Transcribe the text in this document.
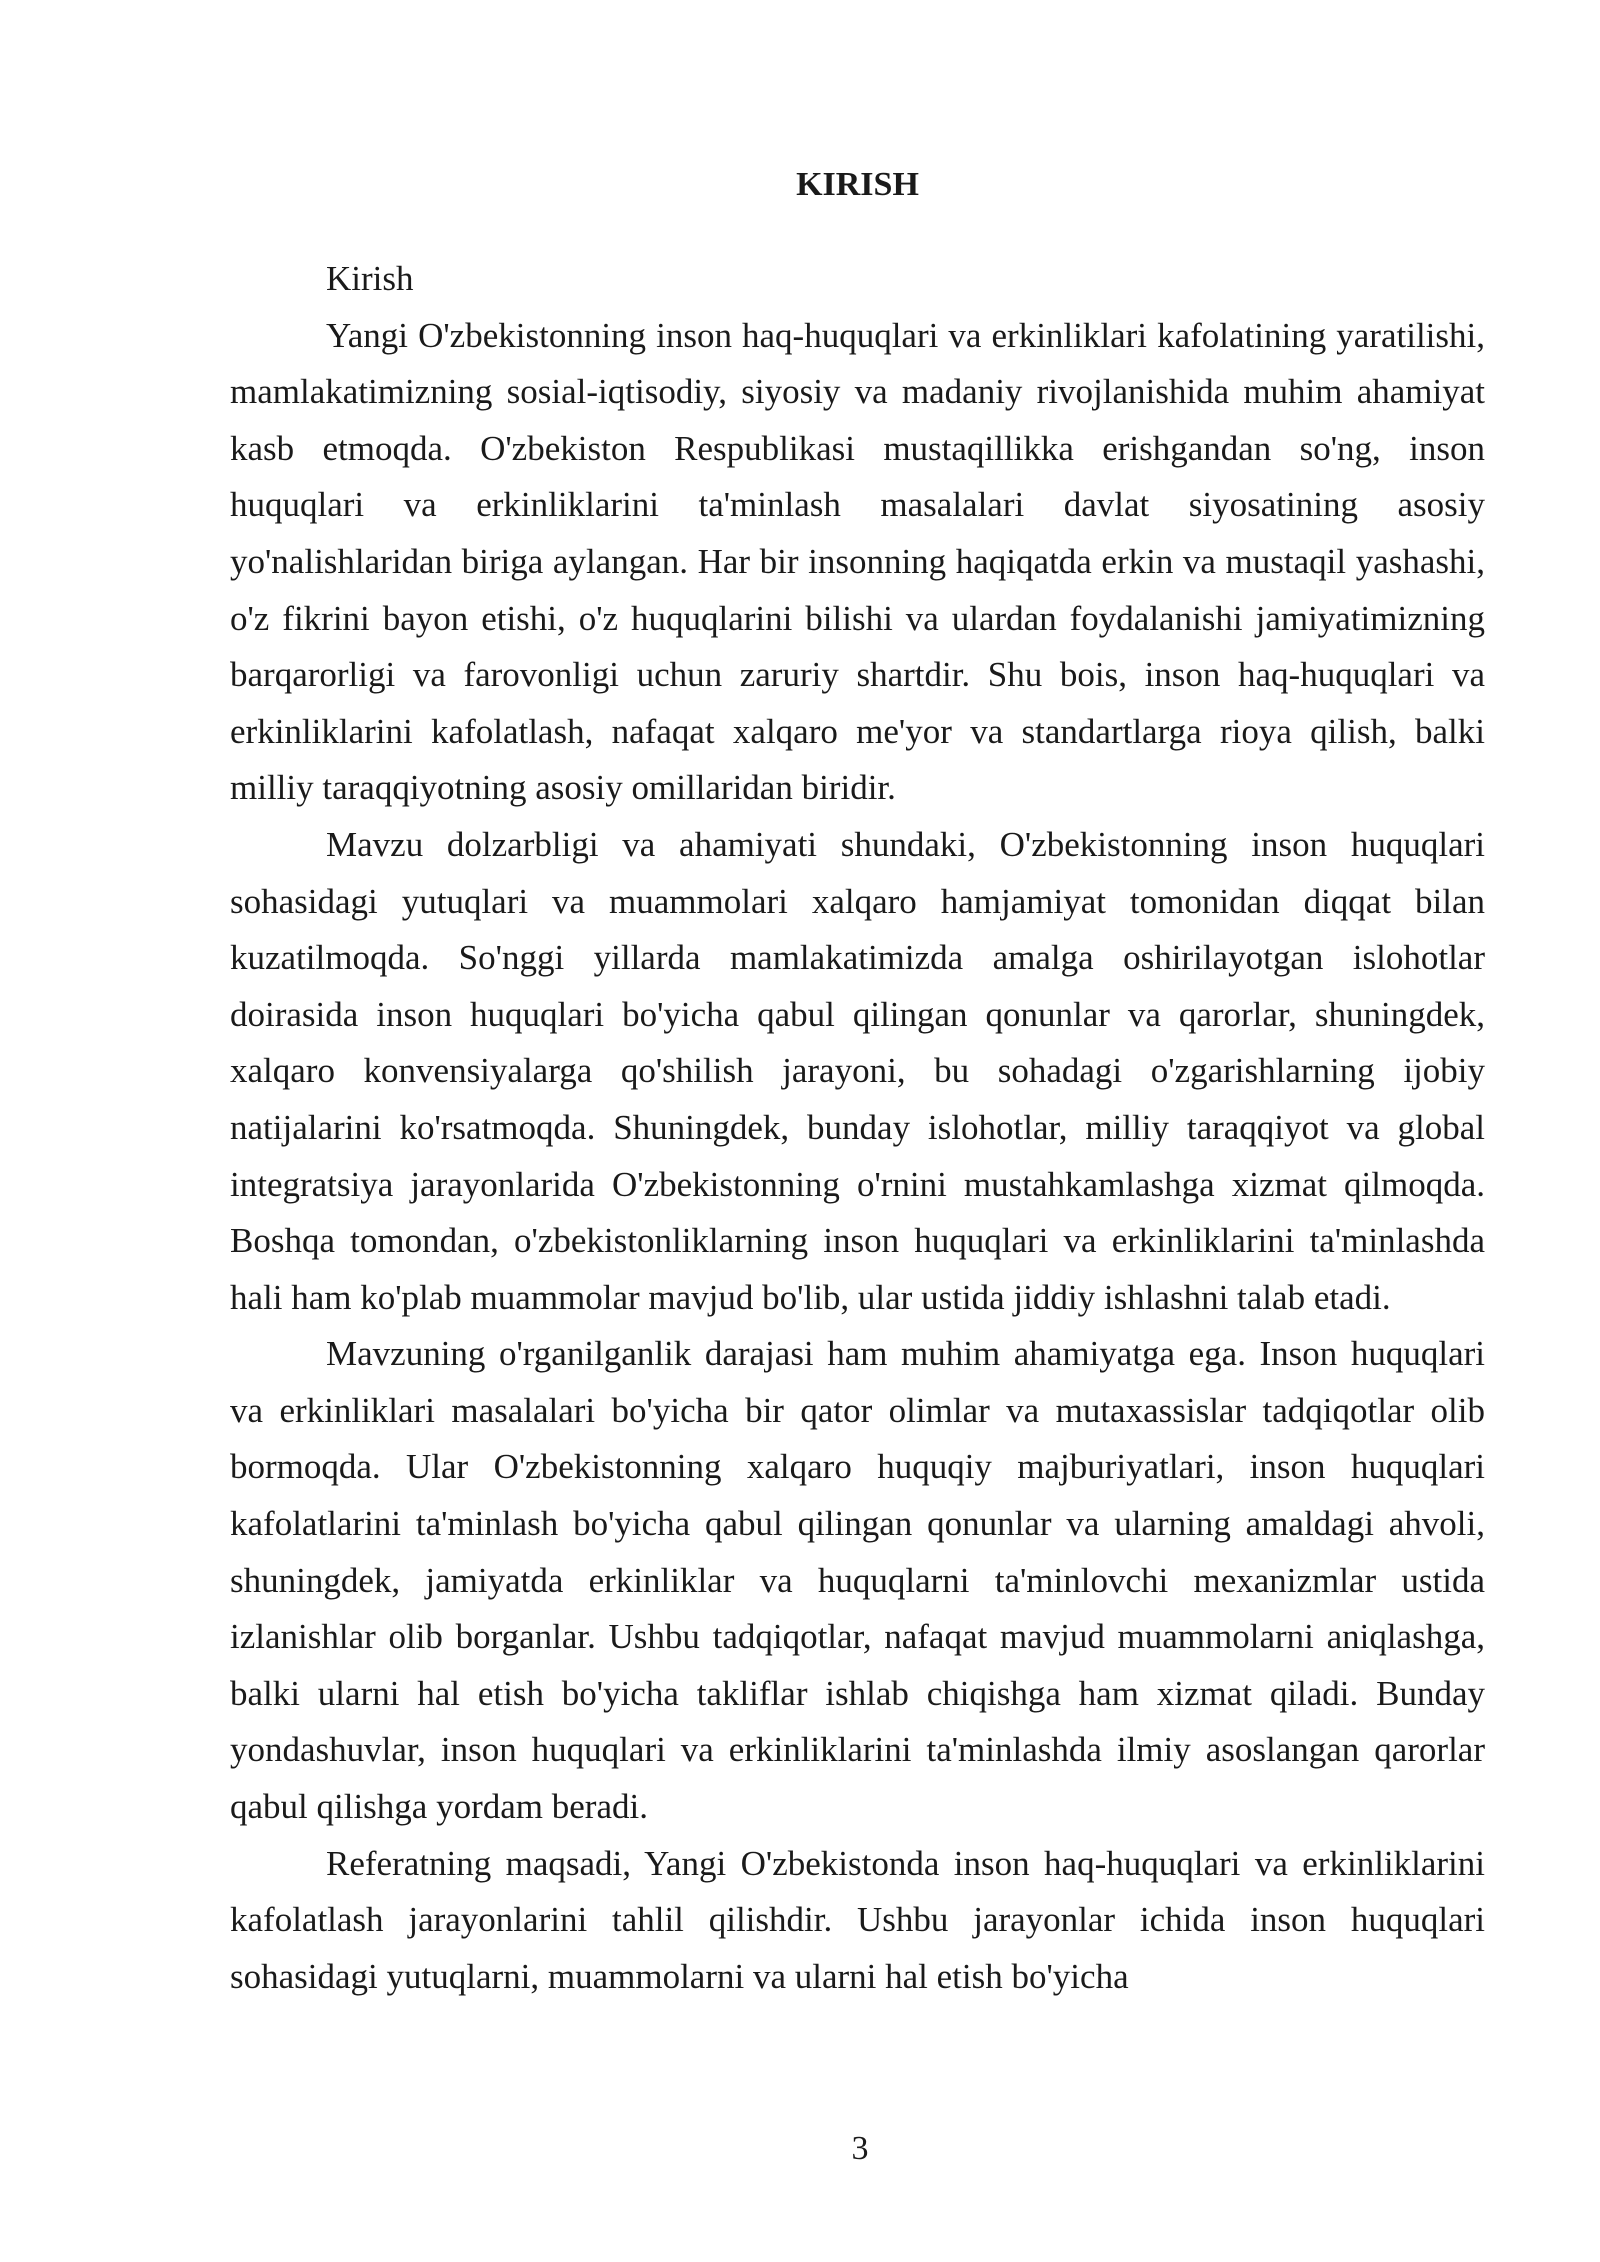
KIRISH

Kirish

Yangi O'zbekistonning inson haq-huquqlari va erkinliklari kafolatining yaratilishi, mamlakatimizning sosial-iqtisodiy, siyosiy va madaniy rivojlanishida muhim ahamiyat kasb etmoqda. O'zbekiston Respublikasi mustaqillikka erishgandan so'ng, inson huquqlari va erkinliklarini ta'minlash masalalari davlat siyosatining asosiy yo'nalishlaridan biriga aylangan. Har bir insonning haqiqatda erkin va mustaqil yashashi, o'z fikrini bayon etishi, o'z huquqlarini bilishi va ulardan foydalanishi jamiyatimizning barqarorligi va farovonligi uchun zaruriy shartdir. Shu bois, inson haq-huquqlari va erkinliklarini kafolatlash, nafaqat xalqaro me'yor va standartlarga rioya qilish, balki milliy taraqqiyotning asosiy omillaridan biridir.

Mavzu dolzarbligi va ahamiyati shundaki, O'zbekistonning inson huquqlari sohasidagi yutuqlari va muammolari xalqaro hamjamiyat tomonidan diqqat bilan kuzatilmoqda. So'nggi yillarda mamlakatimizda amalga oshirilayotgan islohotlar doirasida inson huquqlari bo'yicha qabul qilingan qonunlar va qarorlar, shuningdek, xalqaro konvensiyalarga qo'shilish jarayoni, bu sohadagi o'zgarishlarning ijobiy natijalarini ko'rsatmoqda. Shuningdek, bunday islohotlar, milliy taraqqiyot va global integratsiya jarayonlarida O'zbekistonning o'rnini mustahkamlashga xizmat qilmoqda. Boshqa tomondan, o'zbekistonliklarning inson huquqlari va erkinliklarini ta'minlashda hali ham ko'plab muammolar mavjud bo'lib, ular ustida jiddiy ishlashni talab etadi.

Mavzuning o'rganilganlik darajasi ham muhim ahamiyatga ega. Inson huquqlari va erkinliklari masalalari bo'yicha bir qator olimlar va mutaxassislar tadqiqotlar olib bormoqda. Ular O'zbekistonning xalqaro huquqiy majburiyatlari, inson huquqlari kafolatlarini ta'minlash bo'yicha qabul qilingan qonunlar va ularning amaldagi ahvoli, shuningdek, jamiyatda erkinliklar va huquqlarni ta'minlovchi mexanizmlar ustida izlanishlar olib borganlar. Ushbu tadqiqotlar, nafaqat mavjud muammolarni aniqlashga, balki ularni hal etish bo'yicha takliflar ishlab chiqishga ham xizmat qiladi. Bunday yondashuvlar, inson huquqlari va erkinliklarini ta'minlashda ilmiy asoslangan qarorlar qabul qilishga yordam beradi.

Referatning maqsadi, Yangi O'zbekistonda inson haq-huquqlari va erkinliklarini kafolatlash jarayonlarini tahlil qilishdir. Ushbu jarayonlar ichida inson huquqlari sohasidagi yutuqlarni, muammolarni va ularni hal etish bo'yicha

3
